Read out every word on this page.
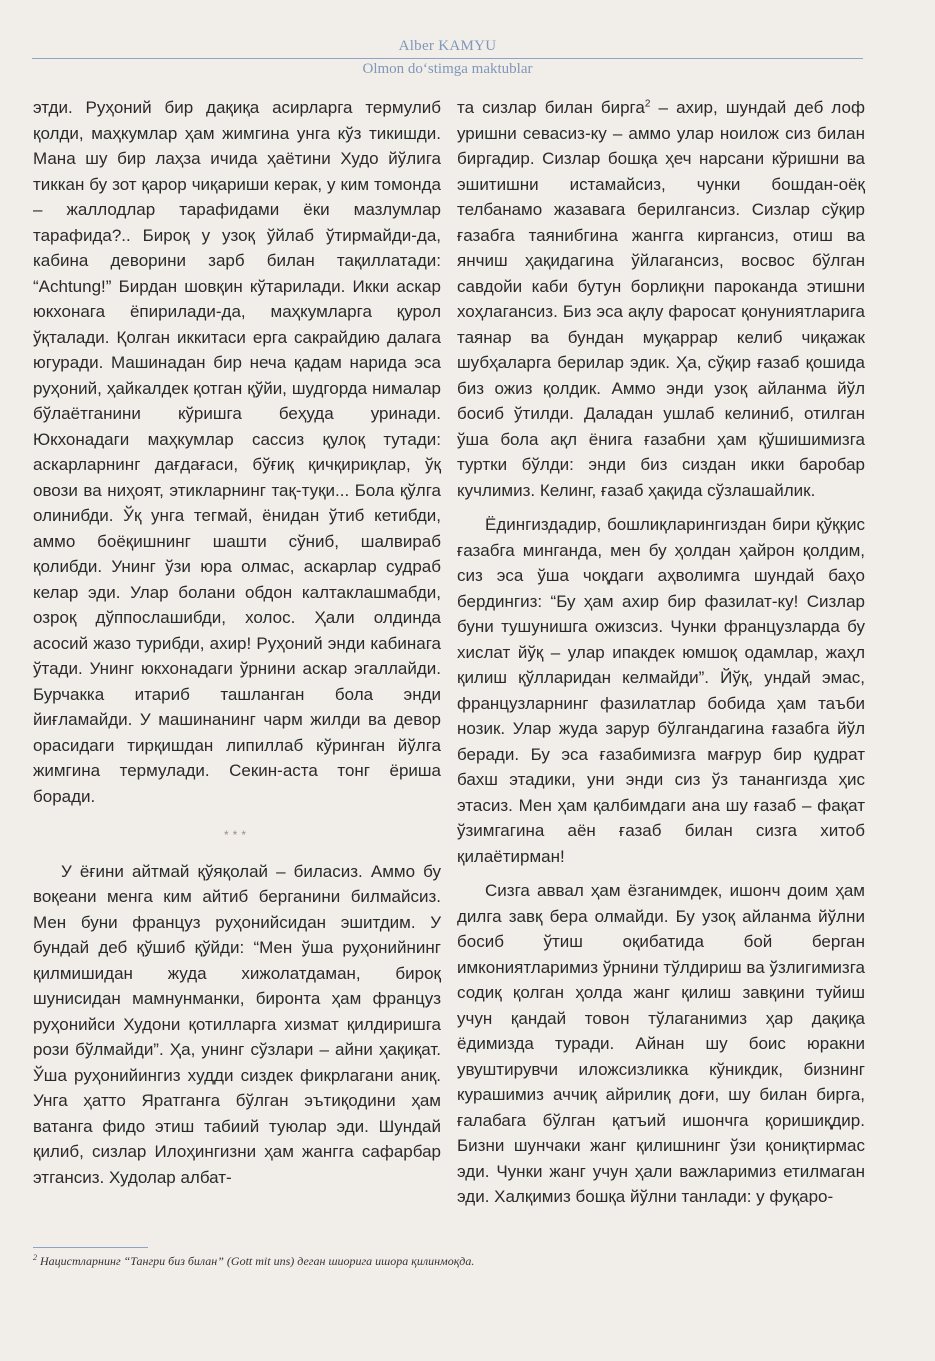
Alber KAMYU
Olmon do‘stimga maktublar

этди. Руҳоний бир дақиқа асирларга термулиб қолди, маҳкумлар ҳам жимгина унга кўз тикишди. Мана шу бир лаҳза ичида ҳаётини Худо йўлига тиккан бу зот қарор чиқариши керак, у ким томонда – жаллодлар тарафидами ёки мазлумлар тарафида?.. Бироқ у узоқ ўйлаб ўтирмайди-да, кабина деворини зарб билан тақиллатади: “Achtung!” Бирдан шовқин кўтарилади. Икки аскар юкхонага ёпирилади-да, маҳкумларга қурол ўқталади. Қолган иккитаси ерга сакрайдию далага югуради. Машинадан бир неча қадам нарида эса руҳоний, ҳайкалдек қотган қўйи, шудгорда нималар бўлаётганини кўришга беҳуда уринади. Юкхонадаги маҳкумлар сассиз қулоқ тутади: аскарларнинг дағдағаси, бўғиқ қичқириқлар, ўқ овози ва ниҳоят, этикларнинг тақ-туқи... Бола қўлга олинибди. Ўқ унга тегмай, ёнидан ўтиб кетибди, аммо боёқишнинг шашти сўниб, шалвираб қолибди. Унинг ўзи юра олмас, аскарлар судраб келар эди. Улар болани обдон калтаклашмабди, озроқ дўппослашибди, холос. Ҳали олдинда асосий жазо турибди, ахир! Руҳоний энди кабинага ўтади. Унинг юкхонадаги ўрнини аскар эгаллайди. Бурчакка итариб ташланган бола энди йиғламайди. У машинанинг чарм жилди ва девор орасидаги тирқишдан липиллаб кўринган йўлга жимгина термулади. Секин-аста тонг ёриша боради.

***

У ёғини айтмай қўяқолай – биласиз. Аммо бу воқеани менга ким айтиб берганини билмайсиз. Мен буни француз руҳонийсидан эшитдим. У бундай деб қўшиб қўйди: “Мен ўша руҳонийнинг қилмишидан жуда хижолатдаман, бироқ шунисидан мамнунманки, биронта ҳам француз руҳонийси Худони қотилларга хизмат қилдиришга рози бўлмайди”. Ҳа, унинг сўзлари – айни ҳақиқат. Ўша руҳонийингиз худди сиздек фикрлагани аниқ. Унга ҳатто Яратганга бўлган эътиқодини ҳам ватанга фидо этиш табиий туюлар эди. Шундай қилиб, сизлар Илоҳингизни ҳам жангга сафарбар этгансиз. Худолар албат-

та сизлар билан бирга$^2$ – ахир, шундай деб лоф уришни севасиз-ку – аммо улар ноилож сиз билан биргадир. Сизлар бошқа ҳеч нарсани кўришни ва эшитишни истамайсиз, чунки бошдан-оёқ телбанамо жазавага берилгансиз. Сизлар сўқир ғазабга таянибгина жангга киргансиз, отиш ва янчиш ҳақидагина ўйлагансиз, восвос бўлган савдойи каби бутун борлиқни пароканда этишни хоҳлагансиз. Биз эса ақлу фаросат қонуниятларига таянар ва бундан муқаррар келиб чиқажак шубҳаларга берилар эдик. Ҳа, сўқир ғазаб қошида биз ожиз қолдик. Аммо энди узоқ айланма йўл босиб ўтилди. Даладан ушлаб келиниб, отилган ўша бола ақл ёнига ғазабни ҳам қўшишимизга туртки бўлди: энди биз сиздан икки баробар кучлимиз. Келинг, ғазаб ҳақида сўзлашайлик.

Ёдингиздадир, бошлиқларингиздан бири қўққис ғазабга минганда, мен бу ҳолдан ҳайрон қолдим, сиз эса ўша чоқдаги аҳволимга шундай баҳо бердингиз: “Бу ҳам ахир бир фазилат-ку! Сизлар буни тушунишга ожизсиз. Чунки французларда бу хислат йўқ – улар ипакдек юмшоқ одамлар, жаҳл қилиш қўлларидан келмайди”. Йўқ, ундай эмас, французларнинг фазилатлар бобида ҳам таъби нозик. Улар жуда зарур бўлгандагина ғазабга йўл беради. Бу эса ғазабимизга мағрур бир қудрат бахш этадики, уни энди сиз ўз танангизда ҳис этасиз. Мен ҳам қалбимдаги ана шу ғазаб – фақат ўзимгагина аён ғазаб билан сизга хитоб қилаётирман!

Сизга аввал ҳам ёзганимдек, ишонч доим ҳам дилга завқ бера олмайди. Бу узоқ айланма йўлни босиб ўтиш оқибатида бой берган имкониятларимиз ўрнини тўлдириш ва ўзлигимизга содиқ қолган ҳолда жанг қилиш завқини туйиш учун қандай товон тўлаганимиз ҳар дақиқа ёдимизда туради. Айнан шу боис юракни увуштирувчи иложсизликка кўникдик, бизнинг курашимиз аччиқ айрилиқ доғи, шу билан бирга, ғалабага бўлган қатъий ишончга қоришиқдир. Бизни шунчаки жанг қилишнинг ўзи қониқтирмас эди. Чунки жанг учун ҳали важларимиз етилмаган эди. Халқимиз бошқа йўлни танлади: у фуқаро-

$^2$ Нацистларнинг “Тангри биз билан” (Gott mit uns) деган шиорига ишора қилинмоқда.
